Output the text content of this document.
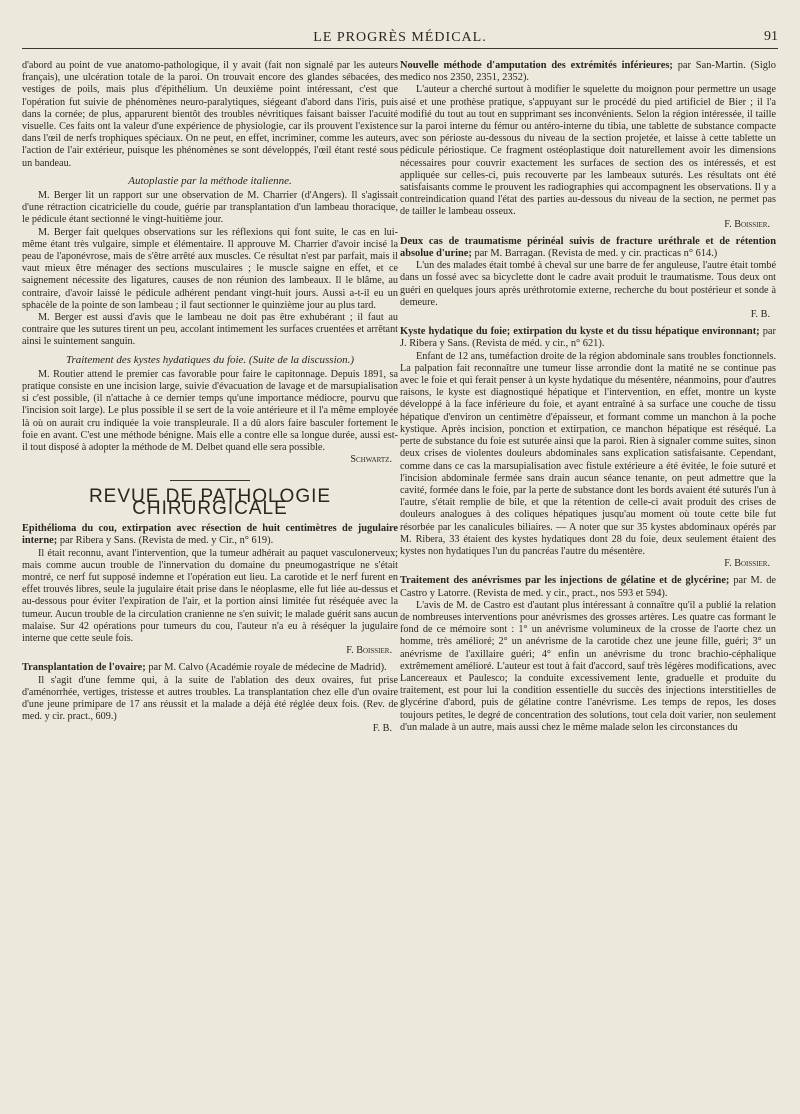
LE PROGRÈS MÉDICAL.	91

d'abord au point de vue anatomo-pathologique, il y avait (fait non signalé par les auteurs français), une ulcération totale de la paroi. On trouvait encore des glandes sébacées, des vestiges de poils, mais plus d'épithélium. Un deuxième point intéressant, c'est que l'opération fut suivie de phénomènes neuro-paralytiques, siégeant d'abord dans l'iris, puis dans la cornée; de plus, apparurent bientôt des troubles névritiques faisant baisser l'acuité visuelle. Ces faits ont la valeur d'une expérience de physiologie, car ils prouvent l'existence dans l'œil de nerfs trophiques spéciaux. On ne peut, en effet, incriminer, comme les auteurs, l'action de l'air extérieur, puisque les phénomènes se sont développés, l'œil étant resté sous un bandeau.

Autoplastie par la méthode italienne.

M. Berger lit un rapport sur une observation de M. Charrier (d'Angers). Il s'agissait d'une rétraction cicatricielle du coude, guérie par transplantation d'un lambeau thoracique, le pédicule étant sectionné le vingt-huitième jour.

M. Berger fait quelques observations sur les réflexions qui font suite, le cas en lui-même étant très vulgaire, simple et élémentaire. Il approuve M. Charrier d'avoir incisé la peau de l'aponévrose, mais de s'être arrêté aux muscles. Ce résultat n'est par parfait, mais il vaut mieux être ménager des sections musculaires ; le muscle saigne en effet, et ce saignement nécessite des ligatures, causes de non réunion des lambeaux. Il le blâme, au contraire, d'avoir laissé le pédicule adhérent pendant vingt-huit jours. Aussi a-t-il eu un sphacèle de la pointe de son lambeau ; il faut sectionner le quinzième jour au plus tard.

M. Berger est aussi d'avis que le lambeau ne doit pas être exhubérant ; il faut au contraire que les sutures tirent un peu, accolant intimement les surfaces cruentées et arrêtant ainsi le suintement sanguin.

Traitement des kystes hydatiques du foie. (Suite de la discussion.)

M. Routier attend le premier cas favorable pour faire le capitonnage. Depuis 1891, sa pratique consiste en une incision large, suivie d'évacuation de lavage et de marsupialisation si c'est possible, (il n'attache à ce dernier temps qu'une importance médiocre, pourvu que l'incision soit large). Le plus possible il se sert de la voie antérieure et il l'a même employée là où on aurait cru indiquée la voie transpleurale. Il a dû alors faire basculer fortement le foie en avant. C'est une méthode bénigne. Mais elle a contre elle sa longue durée, aussi est-il tout disposé à adopter la méthode de M. Delbet quand elle sera possible.

Schwartz.
REVUE DE PATHOLOGIE CHIRURGICALE
Epithélioma du cou, extirpation avec résection de huit centimètres de jugulaire interne; par Ribera y Sans. (Revista de med. y Cir., n° 619).

Il était reconnu, avant l'intervention, que la tumeur adhérait au paquet vasculonerveux; mais comme aucun trouble de l'innervation du domaine du pneumogastrique ne s'était montré, ce nerf fut supposé indemne et l'opération eut lieu. La carotide et le nerf furent en effet trouvés libres, seule la jugulaire était prise dans le néoplasme, elle fut liée au-dessus et au-dessous pour éviter l'expiration de l'air, et la portion ainsi limitée fut réséquée avec la tumeur. Aucun trouble de la circulation cranienne ne s'en suivit; le malade guérit sans aucun malaise. Sur 42 opérations pour tumeurs du cou, l'auteur n'a eu à réséquer la jugulaire interne que cette seule fois.

F. Boissier.
Transplantation de l'ovaire; par M. Calvo (Académie royale de médecine de Madrid).

Il s'agit d'une femme qui, à la suite de l'ablation des deux ovaires, fut prise d'aménorrhée, vertiges, tristesse et autres troubles. La transplantation chez elle d'un ovaire d'une jeune primipare de 17 ans réussit et la malade a déjà été réglée deux fois. (Rev. de med. y cir. pract., 609.)

F. B.
Nouvelle méthode d'amputation des extrémités inférieures; par San-Martin. (Siglo medico nos 2350, 2351, 2352).

L'auteur a cherché surtout à modifier le squelette du moignon pour permettre un usage aisé et une prothèse pratique, s'appuyant sur le procédé du pied artificiel de Bier ; il l'a modifié du tout au tout en supprimant ses inconvénients. Selon la région intéressée, il taille sur la paroi interne du fémur ou antéro-interne du tibia, une tablette de substance compacte avec son périoste au-dessous du niveau de la section projetée, et laisse à cette tablette un pédicule périostique. Ce fragment ostéoplastique doit naturellement avoir les dimensions nécessaires pour couvrir exactement les surfaces de section des os intéressés, et est appliquée sur celles-ci, puis recouverte par les lambeaux suturés. Les résultats ont été satisfaisants comme le prouvent les radiographies qui accompagnent les observations. Il y a contreindication quand l'état des parties au-dessous du niveau de la section, ne permet pas de tailler le lambeau osseux.

F. Boissier.
Deux cas de traumatisme périnéal suivis de fracture uréthrale et de rétention absolue d'urine; par M. Barragan. (Revista de med. y cir. practicas n° 614.)

L'un des malades était tombé à cheval sur une barre de fer anguleuse, l'autre était tombé dans un fossé avec sa bicyclette dont le cadre avait produit le traumatisme. Tous deux ont guéri en quelques jours après uréthrotomie externe, recherche du bout postérieur et sonde à demeure.

F. B.
Kyste hydatique du foie; extirpation du kyste et du tissu hépatique environnant; par J. Ribera y Sans. (Revista de méd. y cir., n° 621).

Enfant de 12 ans, tuméfaction droite de la région abdominale sans troubles fonctionnels. La palpation fait reconnaître une tumeur lisse arrondie dont la matité ne se continue pas avec le foie et qui ferait penser à un kyste hydatique du mésentère, néanmoins, pour d'autres raisons, le kyste est diagnostiqué hépatique et l'intervention, en effet, montre un kyste développé à la face inférieure du foie, et ayant entraîné à sa surface une couche de tissu hépatique d'environ un centimètre d'épaisseur, et formant comme un manchon à la poche kystique. Après incision, ponction et extirpation, ce manchon hépatique est réséqué. La perte de substance du foie est suturée ainsi que la paroi. Rien à signaler comme suites, sinon deux crises de violentes douleurs abdominales sans explication satisfaisante. Cependant, comme dans ce cas la marsupialisation avec fistule extérieure a été évitée, le foie suturé et l'incision abdominale fermée sans drain aucun séance tenante, on peut admettre que la cavité, formée dans le foie, par la perte de substance dont les bords avaient été suturés l'un à l'autre, s'était remplie de bile, et que la rétention de celle-ci avait produit des crises de douleurs analogues à des coliques hépatiques jusqu'au moment où toute cette bile fut résorbée par les canalicules biliaires. — A noter que sur 35 kystes abdominaux opérés par M. Ribera, 33 étaient des kystes hydatiques dont 28 du foie, deux seulement étaient des kystes non hydatiques l'un du pancréas l'autre du mésentère.

F. Boissier.
Traitement des anévrismes par les injections de gélatine et de glycérine; par M. de Castro y Latorre. (Revista de med. y cir., pract., nos 593 et 594).

L'avis de M. de Castro est d'autant plus intéressant à connaître qu'il a publié la relation de nombreuses interventions pour anévrismes des grosses artères. Les quatre cas formant le fond de ce mémoire sont : 1° un anévrisme volumineux de la crosse de l'aorte chez un homme, très amélioré; 2° un anévrisme de la carotide chez une jeune fille, guéri; 3° un anévrisme de l'axillaire guéri; 4° enfin un anévrisme du tronc brachio-céphalique extrêmement amélioré. L'auteur est tout à fait d'accord, sauf très légères modifications, avec Lancereaux et Paulesco; la conduite excessivement lente, graduelle et produite du traitement, est pour lui la condition essentielle du succès des injections interstitielles de glycérine d'abord, puis de gélatine contre l'anévrisme. Les temps de repos, les doses toujours petites, le degré de concentration des solutions, tout cela doit varier, non seulement d'un malade à un autre, mais aussi chez le même malade selon les circonstances du
